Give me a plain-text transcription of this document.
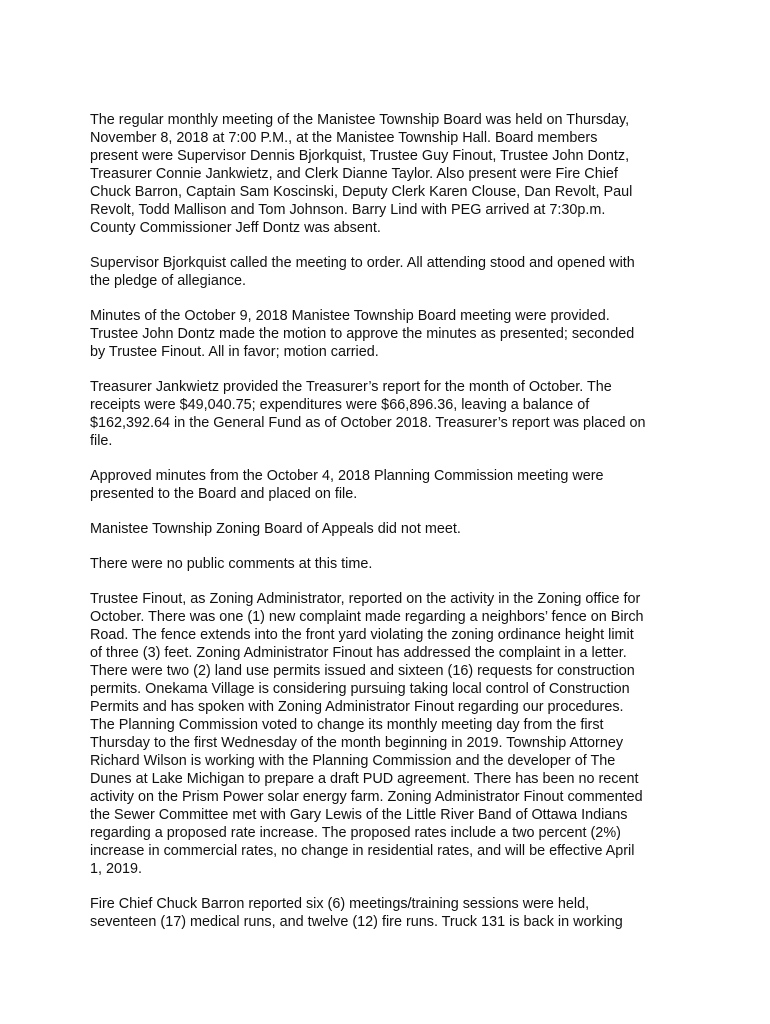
The regular monthly meeting of the Manistee Township Board was held on Thursday,
November 8, 2018 at 7:00 P.M., at the Manistee Township Hall. Board members
present were Supervisor Dennis Bjorkquist, Trustee Guy Finout, Trustee John Dontz,
Treasurer Connie Jankwietz, and Clerk Dianne Taylor. Also present were Fire Chief
Chuck Barron, Captain Sam Koscinski, Deputy Clerk Karen Clouse, Dan Revolt, Paul
Revolt, Todd Mallison and Tom Johnson. Barry Lind with PEG arrived at 7:30p.m.
County Commissioner Jeff Dontz was absent.

Supervisor Bjorkquist called the meeting to order. All attending stood and opened with
the pledge of allegiance.

Minutes of the October 9, 2018 Manistee Township Board meeting were provided.
Trustee John Dontz made the motion to approve the minutes as presented; seconded
by Trustee Finout. All in favor; motion carried.

Treasurer Jankwietz provided the Treasurer’s report for the month of October. The
receipts were $49,040.75; expenditures were $66,896.36, leaving a balance of
$162,392.64 in the General Fund as of October 2018. Treasurer’s report was placed on
file.

Approved minutes from the October 4, 2018 Planning Commission meeting were
presented to the Board and placed on file.

Manistee Township Zoning Board of Appeals did not meet.

There were no public comments at this time.

Trustee Finout, as Zoning Administrator, reported on the activity in the Zoning office for
October. There was one (1) new complaint made regarding a neighbors’ fence on Birch
Road. The fence extends into the front yard violating the zoning ordinance height limit
of three (3) feet. Zoning Administrator Finout has addressed the complaint in a letter.
There were two (2) land use permits issued and sixteen (16) requests for construction
permits. Onekama Village is considering pursuing taking local control of Construction
Permits and has spoken with Zoning Administrator Finout regarding our procedures.
The Planning Commission voted to change its monthly meeting day from the first
Thursday to the first Wednesday of the month beginning in 2019. Township Attorney
Richard Wilson is working with the Planning Commission and the developer of The
Dunes at Lake Michigan to prepare a draft PUD agreement. There has been no recent
activity on the Prism Power solar energy farm. Zoning Administrator Finout commented
the Sewer Committee met with Gary Lewis of the Little River Band of Ottawa Indians
regarding a proposed rate increase. The proposed rates include a two percent (2%)
increase in commercial rates, no change in residential rates, and will be effective April
1, 2019.

Fire Chief Chuck Barron reported six (6) meetings/training sessions were held,
seventeen (17) medical runs, and twelve (12) fire runs. Truck 131 is back in working
